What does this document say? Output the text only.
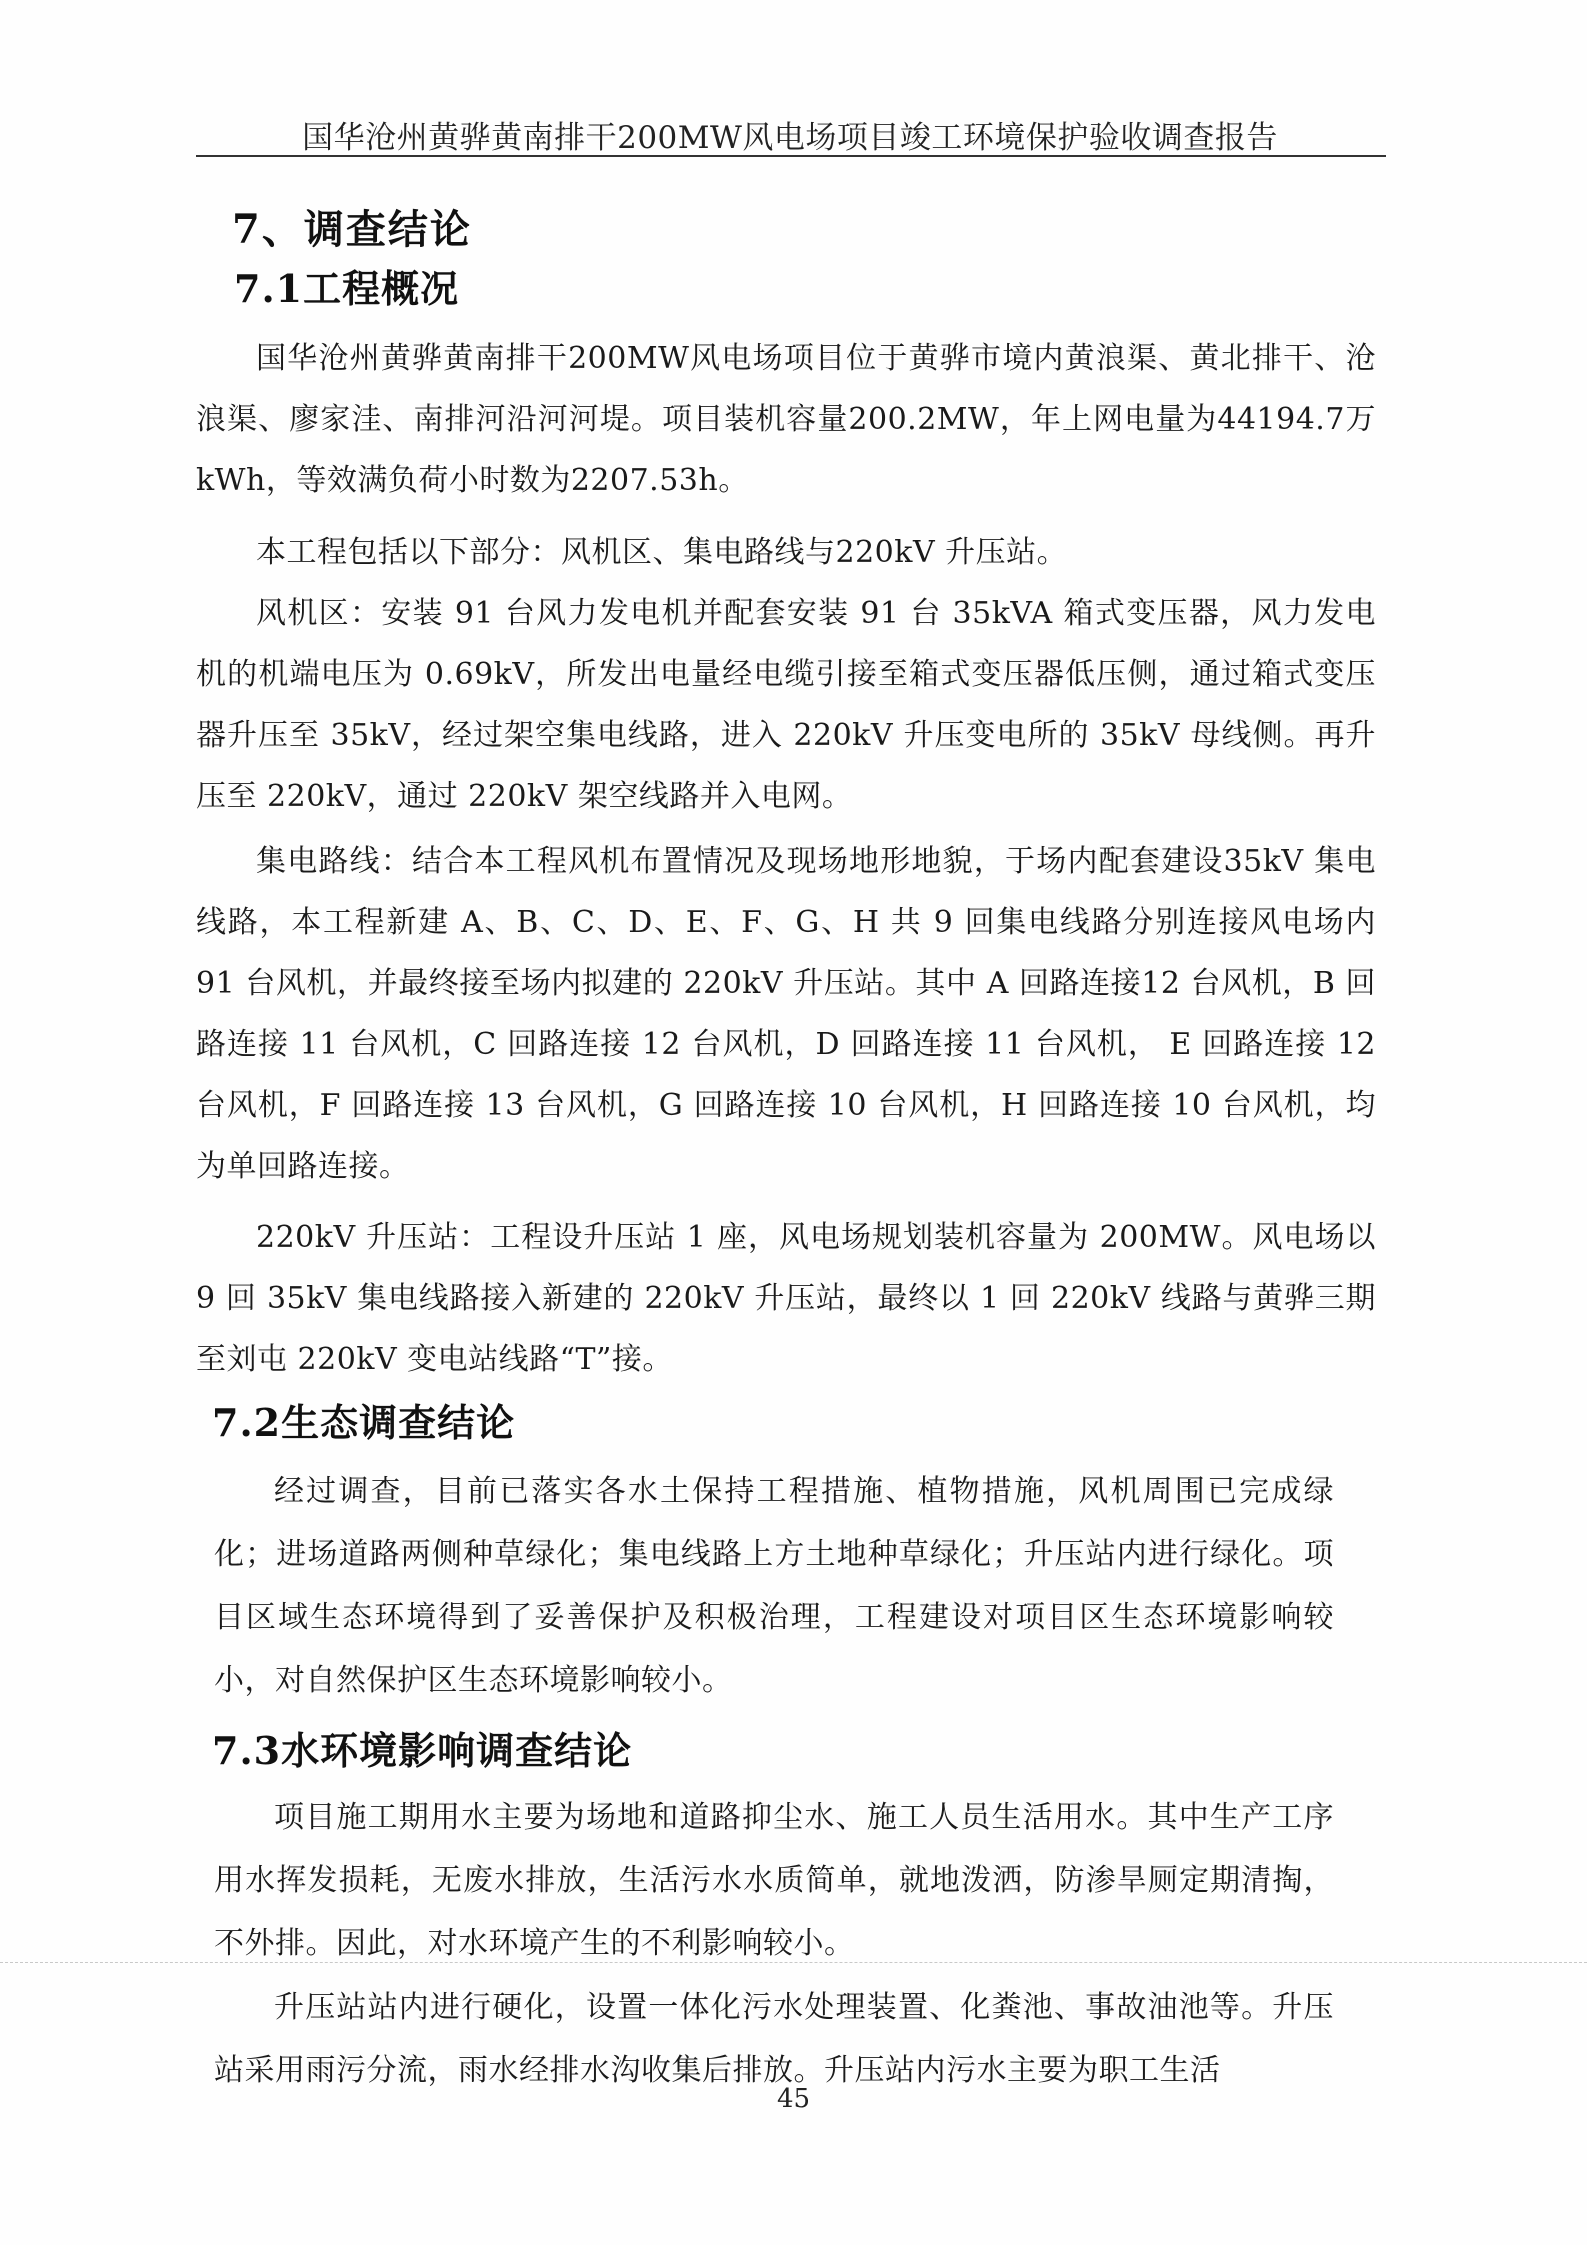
国华沧州黄骅黄南排干200MW风电场项目竣工环境保护验收调查报告
7、调查结论
7.1工程概况

国华沧州黄骅黄南排干200MW风电场项目位于黄骅市境内黄浪渠、黄北排干、沧浪渠、廖家洼、南排河沿河河堤。项目装机容量200.2MW，年上网电量为44194.7万kWh，等效满负荷小时数为2207.53h。

本工程包括以下部分：风机区、集电路线与220kV 升压站。

风机区：安装 91 台风力发电机并配套安装 91 台 35kVA 箱式变压器，风力发电机的机端电压为 0.69kV，所发出电量经电缆引接至箱式变压器低压侧，通过箱式变压器升压至 35kV，经过架空集电线路，进入 220kV 升压变电所的 35kV 母线侧。再升压至 220kV，通过 220kV 架空线路并入电网。

集电路线：结合本工程风机布置情况及现场地形地貌，于场内配套建设35kV 集电线路，本工程新建 A、B、C、D、E、F、G、H 共 9 回集电线路分别连接风电场内 91 台风机，并最终接至场内拟建的 220kV 升压站。其中 A 回路连接12 台风机，B 回路连接 11 台风机，C 回路连接 12 台风机，D 回路连接 11 台风机， E 回路连接 12 台风机，F 回路连接 13 台风机，G 回路连接 10 台风机，H 回路连接 10 台风机，均为单回路连接。

220kV 升压站：工程设升压站 1 座，风电场规划装机容量为 200MW。风电场以 9 回 35kV 集电线路接入新建的 220kV 升压站，最终以 1 回 220kV 线路与黄骅三期至刘屯 220kV 变电站线路“T”接。

7.2生态调查结论

经过调查，目前已落实各水土保持工程措施、植物措施，风机周围已完成绿化；进场道路两侧种草绿化；集电线路上方土地种草绿化；升压站内进行绿化。项目区域生态环境得到了妥善保护及积极治理，工程建设对项目区生态环境影响较小，对自然保护区生态环境影响较小。

7.3水环境影响调查结论

项目施工期用水主要为场地和道路抑尘水、施工人员生活用水。其中生产工序用水挥发损耗，无废水排放，生活污水水质简单，就地泼洒，防渗旱厕定期清掏，不外排。因此，对水环境产生的不利影响较小。

升压站站内进行硬化，设置一体化污水处理装置、化粪池、事故油池等。升压站采用雨污分流，雨水经排水沟收集后排放。升压站内污水主要为职工生活

45
